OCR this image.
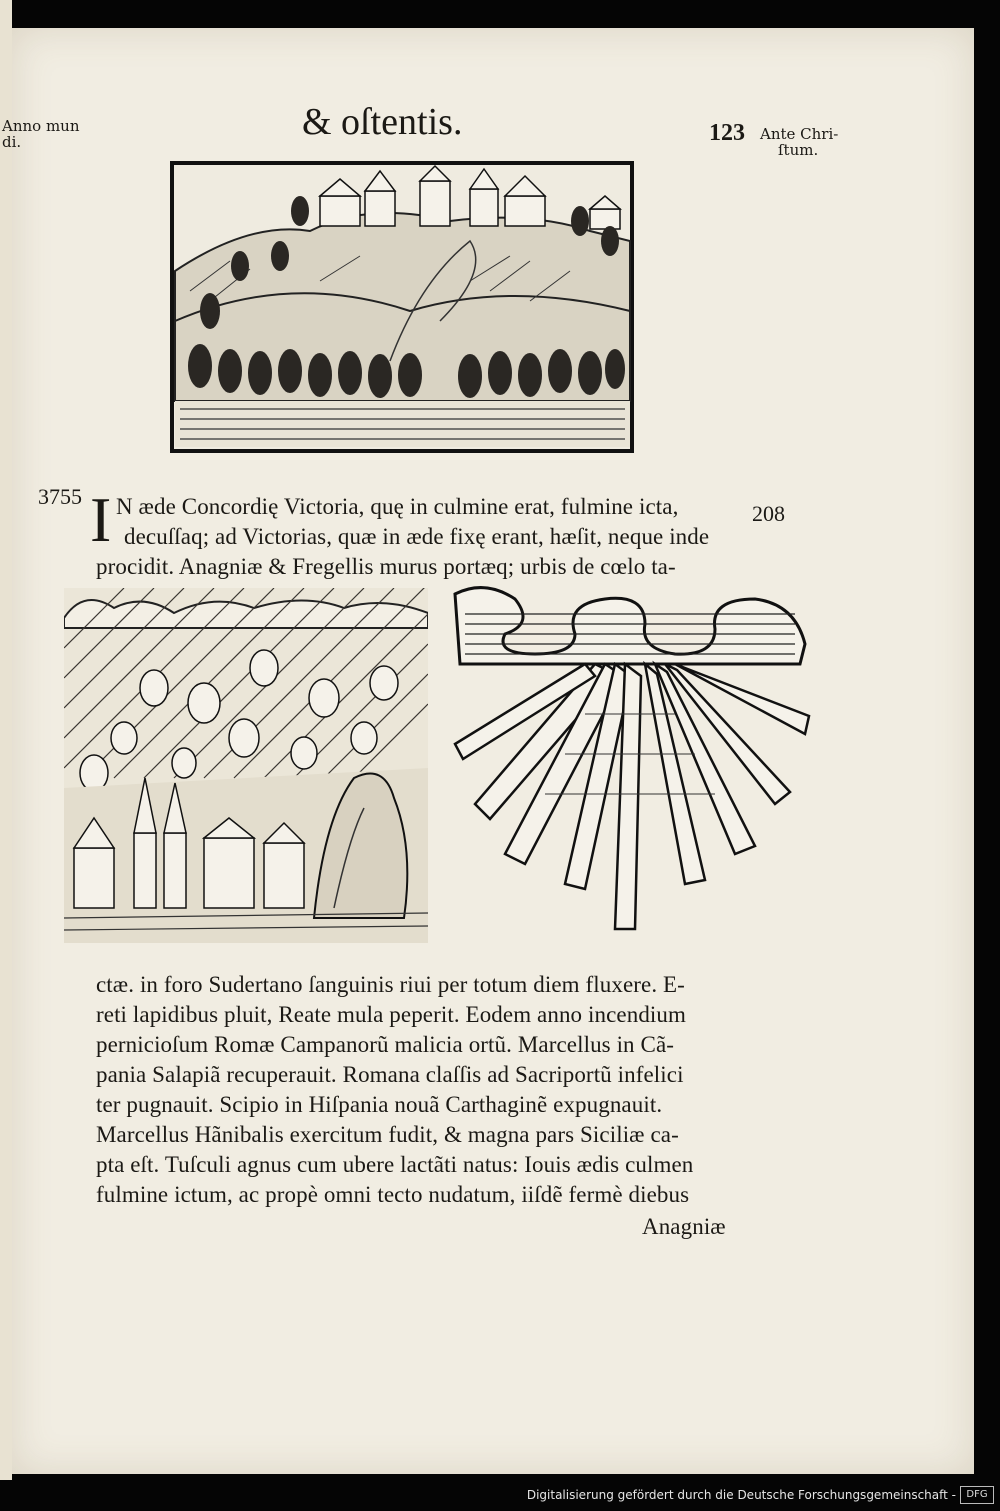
Anno mun
di.	& oſtentis.	123 Ante Chri-
ſtum.
3755
208
I N æde Concordię Victoria, quę in culmine erat, fulmine icta,
decuſſaq; ad Victorias, quæ in æde fixę erant, hæſit, neque inde
procidit. Anagniæ & Fregellis murus portæq; urbis de cœlo ta-
ctæ. in foro Sudertano ſanguinis riui per totum diem fluxere. E-
reti lapidibus pluit, Reate mula peperit. Eodem anno incendium
pernicioſum Romæ Campanorũ malicia ortũ. Marcellus in Cã-
pania Salapiã recuperauit. Romana claſſis ad Sacriportũ infelici
ter pugnauit. Scipio in Hiſpania nouã Carthaginẽ expugnauit.
Marcellus Hãnibalis exercitum fudit, & magna pars Siciliæ ca-
pta eſt. Tuſculi agnus cum ubere lactãti natus: Iouis ædis culmen
fulmine ictum, ac propè omni tecto nudatum, iiſdẽ fermè diebus
Anagniæ
Digitalisierung gefördert durch die Deutsche Forschungsgemeinschaft -	DFG
